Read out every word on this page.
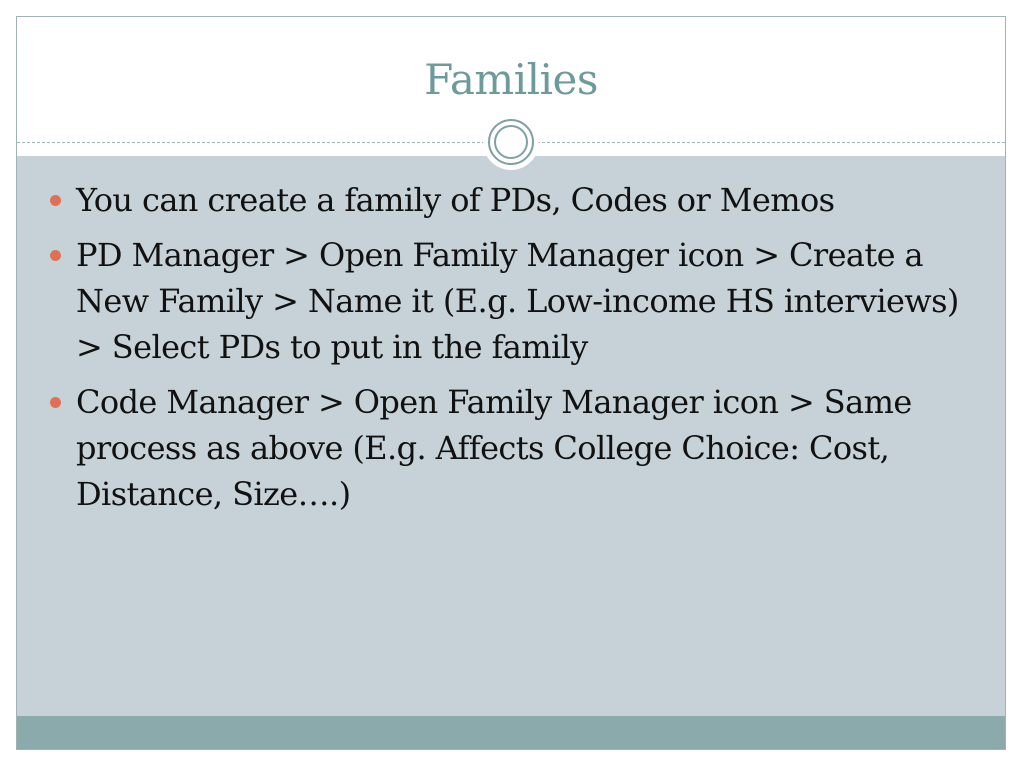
Families
You can create a family of PDs, Codes or Memos
PD Manager > Open Family Manager icon > Create a New Family > Name it (E.g. Low-income HS interviews) > Select PDs to put in the family
Code Manager > Open Family Manager icon > Same process as above (E.g. Affects College Choice: Cost, Distance, Size….)
